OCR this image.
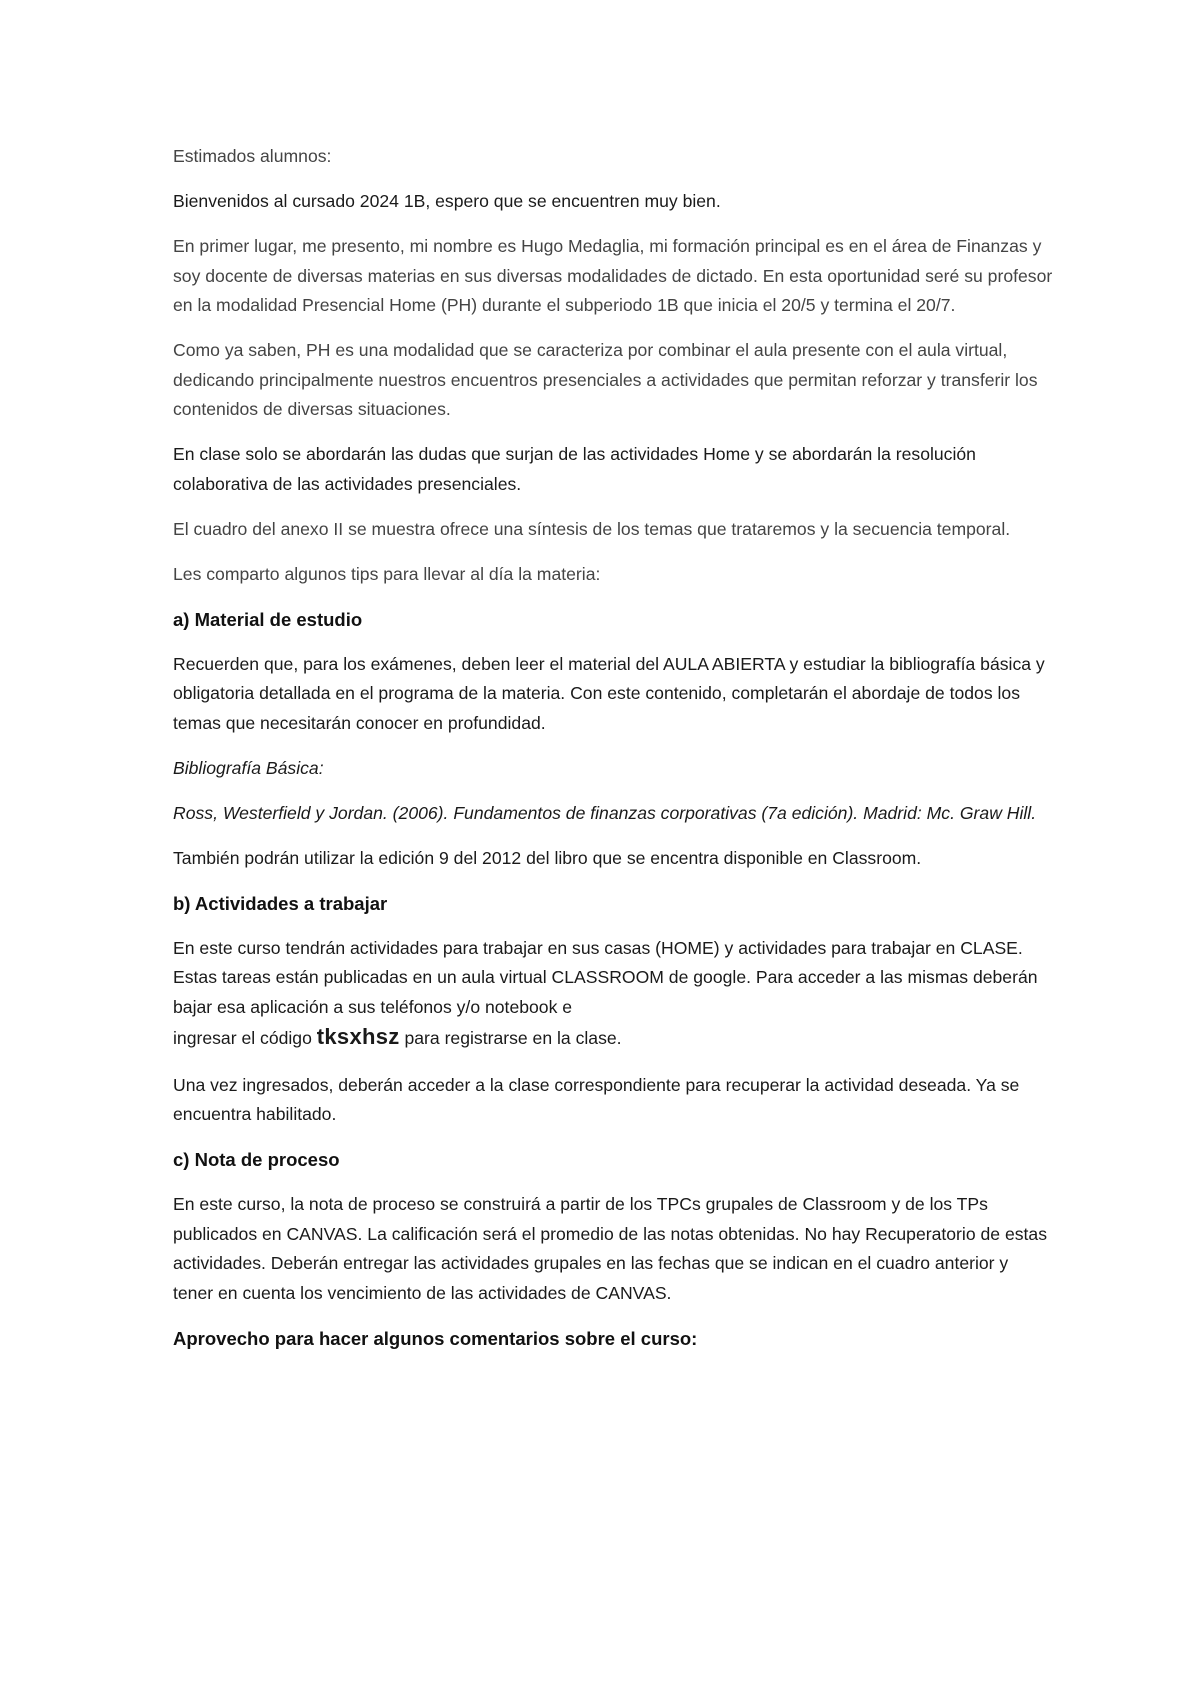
Estimados alumnos:

Bienvenidos al cursado 2024 1B, espero que se encuentren muy bien.

En primer lugar, me presento, mi nombre es Hugo Medaglia, mi formación principal es en el área de Finanzas y soy docente de diversas materias en sus diversas modalidades de dictado. En esta oportunidad seré su profesor en la modalidad Presencial Home (PH) durante el subperiodo 1B que inicia el 20/5 y termina el 20/7.

Como ya saben, PH es una modalidad que se caracteriza por combinar el aula presente con el aula virtual, dedicando principalmente nuestros encuentros presenciales a actividades que permitan reforzar y transferir los contenidos de diversas situaciones.

En clase solo se abordarán las dudas que surjan de las actividades Home y se abordarán la resolución colaborativa de las actividades presenciales.

El cuadro del anexo II se muestra ofrece una síntesis de los temas que trataremos y la secuencia temporal.

Les comparto algunos tips para llevar al día la materia:

a) Material de estudio

Recuerden que, para los exámenes, deben leer el material del AULA ABIERTA y estudiar la bibliografía básica y obligatoria detallada en el programa de la materia. Con este contenido, completarán el abordaje de todos los temas que necesitarán conocer en profundidad.

Bibliografía Básica:

Ross, Westerfield y Jordan. (2006). Fundamentos de finanzas corporativas (7a edición). Madrid: Mc. Graw Hill.

También podrán utilizar la edición 9 del 2012 del libro que se encentra disponible en Classroom.

b) Actividades a trabajar

En este curso tendrán actividades para trabajar en sus casas (HOME) y actividades para trabajar en CLASE. Estas tareas están publicadas en un aula virtual CLASSROOM de google. Para acceder a las mismas deberán bajar esa aplicación a sus teléfonos y/o notebook e

ingresar el código tksxhsz para registrarse en la clase.

Una vez ingresados, deberán acceder a la clase correspondiente para recuperar la actividad deseada. Ya se encuentra habilitado.

c) Nota de proceso

En este curso, la nota de proceso se construirá a partir de los TPCs grupales de Classroom y de los TPs publicados en CANVAS. La calificación será el promedio de las notas obtenidas. No hay Recuperatorio de estas actividades. Deberán entregar las actividades grupales en las fechas que se indican en el cuadro anterior y tener en cuenta los vencimiento de las actividades de CANVAS.

Aprovecho para hacer algunos comentarios sobre el curso:
